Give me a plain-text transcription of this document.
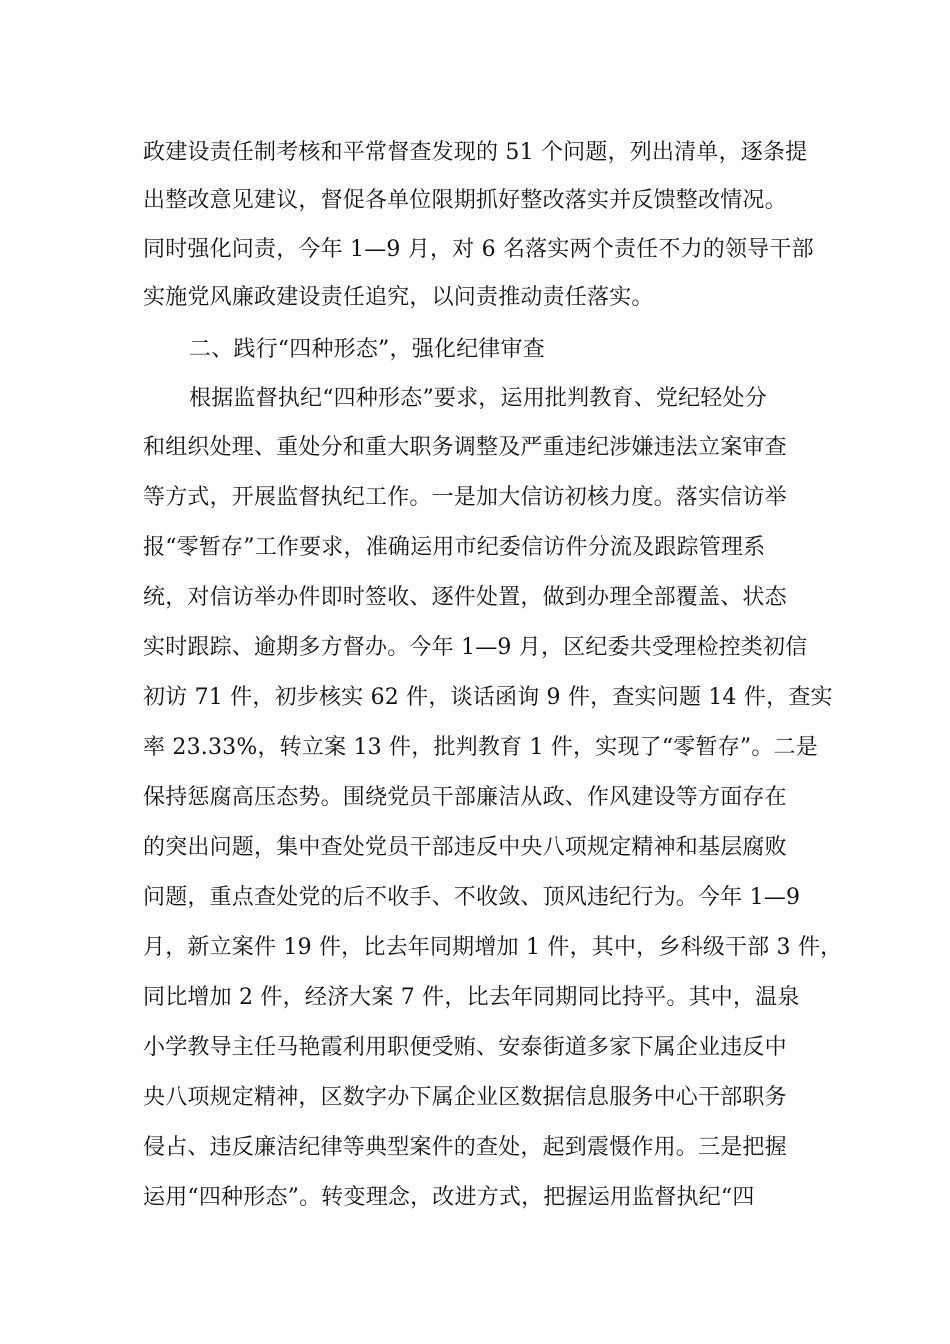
政建设责任制考核和平常督查发现的 51 个问题，列出清单，逐条提
出整改意见建议，督促各单位限期抓好整改落实并反馈整改情况。
同时强化问责，今年 1—9 月，对 6 名落实两个责任不力的领导干部
实施党风廉政建设责任追究，以问责推动责任落实。
二、践行“四种形态”，强化纪律审查
根据监督执纪“四种形态”要求，运用批判教育、党纪轻处分
和组织处理、重处分和重大职务调整及严重违纪涉嫌违法立案审查
等方式，开展监督执纪工作。一是加大信访初核力度。落实信访举
报“零暂存”工作要求，准确运用市纪委信访件分流及跟踪管理系
统，对信访举办件即时签收、逐件处置，做到办理全部覆盖、状态
实时跟踪、逾期多方督办。今年 1—9 月，区纪委共受理检控类初信
初访 71 件，初步核实 62 件，谈话函询 9 件，查实问题 14 件，查实
率 23.33%，转立案 13 件，批判教育 1 件，实现了“零暂存”。二是
保持惩腐高压态势。围绕党员干部廉洁从政、作风建设等方面存在
的突出问题，集中查处党员干部违反中央八项规定精神和基层腐败
问题，重点查处党的后不收手、不收敛、顶风违纪行为。今年 1—9
月，新立案件 19 件，比去年同期增加 1 件，其中，乡科级干部 3 件，
同比增加 2 件，经济大案 7 件，比去年同期同比持平。其中，温泉
小学教导主任马艳霞利用职便受贿、安泰街道多家下属企业违反中
央八项规定精神，区数字办下属企业区数据信息服务中心干部职务
侵占、违反廉洁纪律等典型案件的查处，起到震慑作用。三是把握
运用“四种形态”。转变理念，改进方式，把握运用监督执纪“四
